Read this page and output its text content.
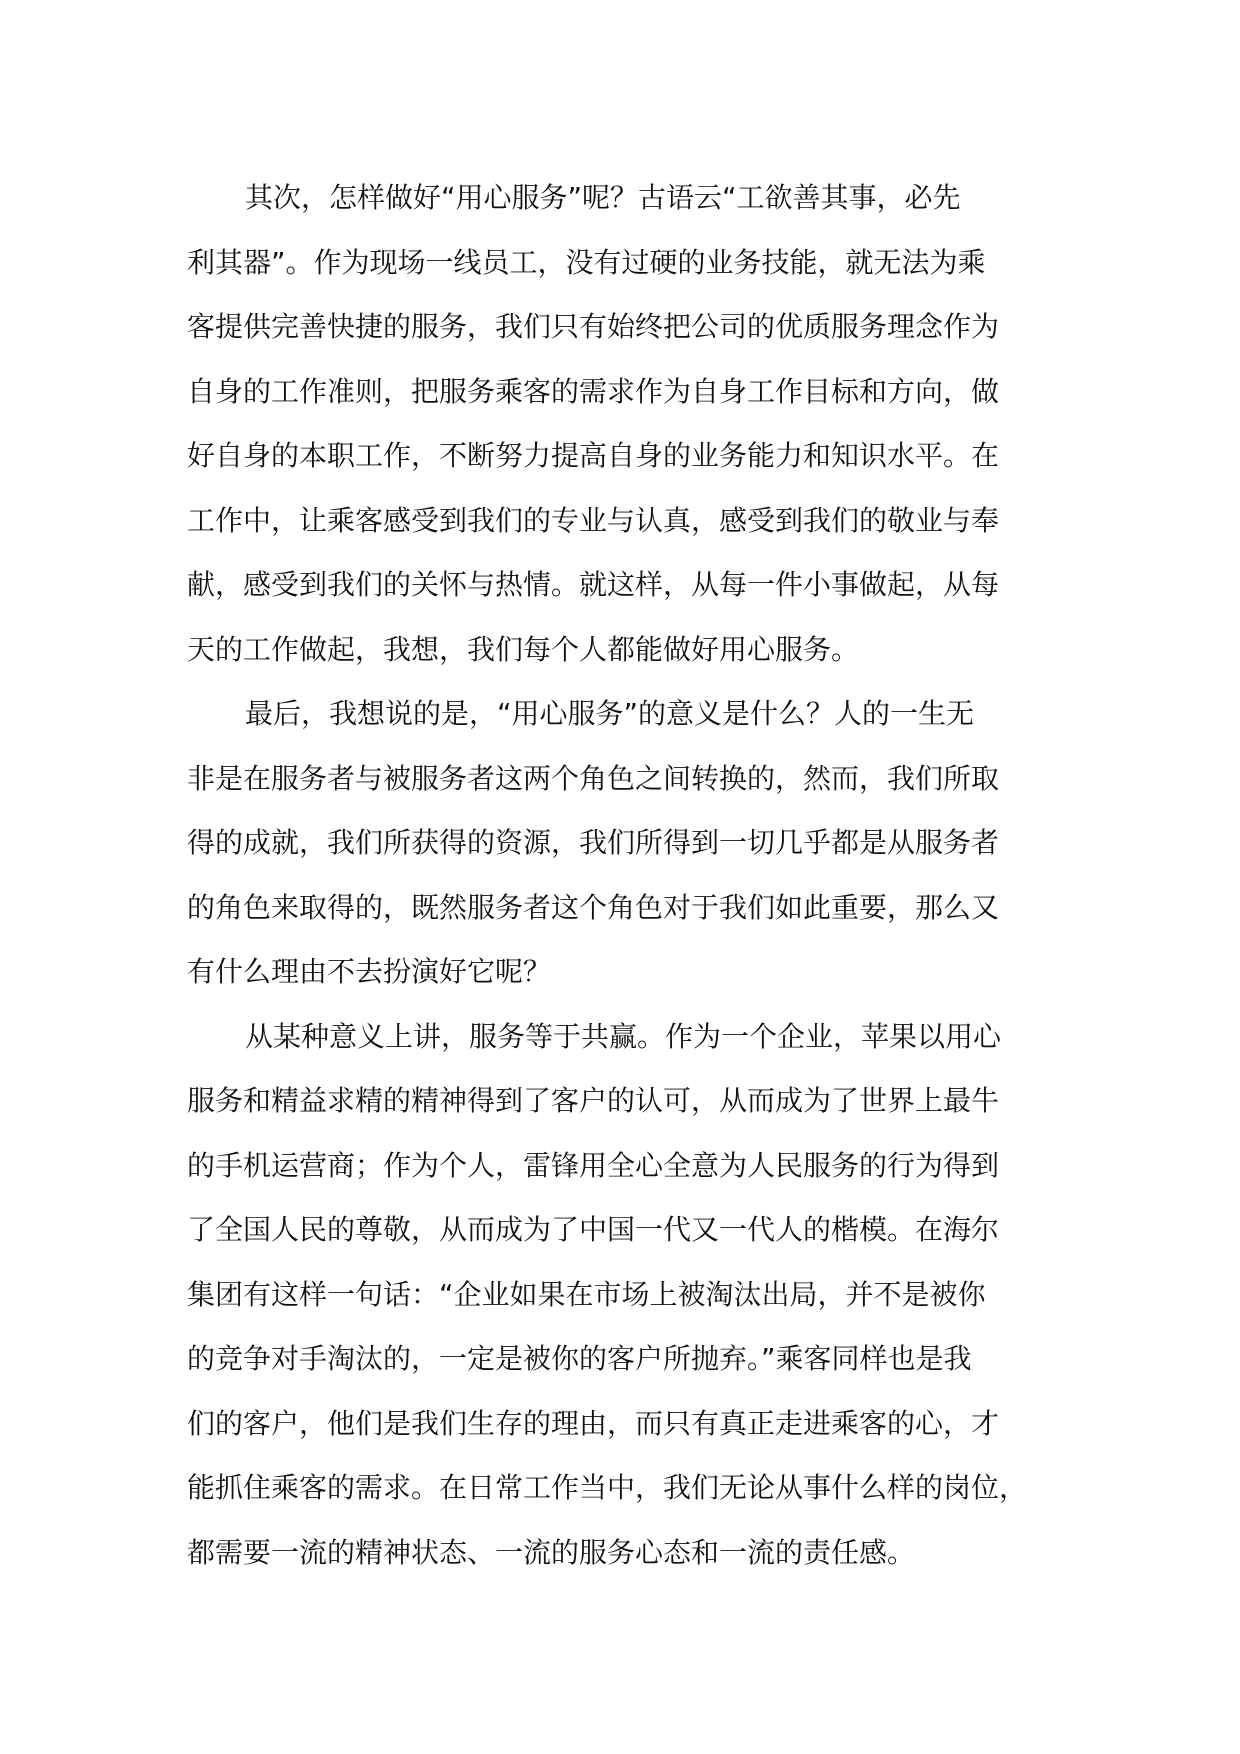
其次，怎样做好“用心服务”呢？古语云“工欲善其事，必先
利其器”。作为现场一线员工，没有过硬的业务技能，就无法为乘
客提供完善快捷的服务，我们只有始终把公司的优质服务理念作为
自身的工作准则，把服务乘客的需求作为自身工作目标和方向，做
好自身的本职工作，不断努力提高自身的业务能力和知识水平。在
工作中，让乘客感受到我们的专业与认真，感受到我们的敬业与奉
献，感受到我们的关怀与热情。就这样，从每一件小事做起，从每
天的工作做起，我想，我们每个人都能做好用心服务。
最后，我想说的是，“用心服务”的意义是什么？人的一生无
非是在服务者与被服务者这两个角色之间转换的，然而，我们所取
得的成就，我们所获得的资源，我们所得到一切几乎都是从服务者
的角色来取得的，既然服务者这个角色对于我们如此重要，那么又
有什么理由不去扮演好它呢？
从某种意义上讲，服务等于共赢。作为一个企业，苹果以用心
服务和精益求精的精神得到了客户的认可，从而成为了世界上最牛
的手机运营商；作为个人，雷锋用全心全意为人民服务的行为得到
了全国人民的尊敬，从而成为了中国一代又一代人的楷模。在海尔
集团有这样一句话：“企业如果在市场上被淘汰出局，并不是被你
的竞争对手淘汰的，一定是被你的客户所抛弃。”乘客同样也是我
们的客户，他们是我们生存的理由，而只有真正走进乘客的心，才
能抓住乘客的需求。在日常工作当中，我们无论从事什么样的岗位，
都需要一流的精神状态、一流的服务心态和一流的责任感。
